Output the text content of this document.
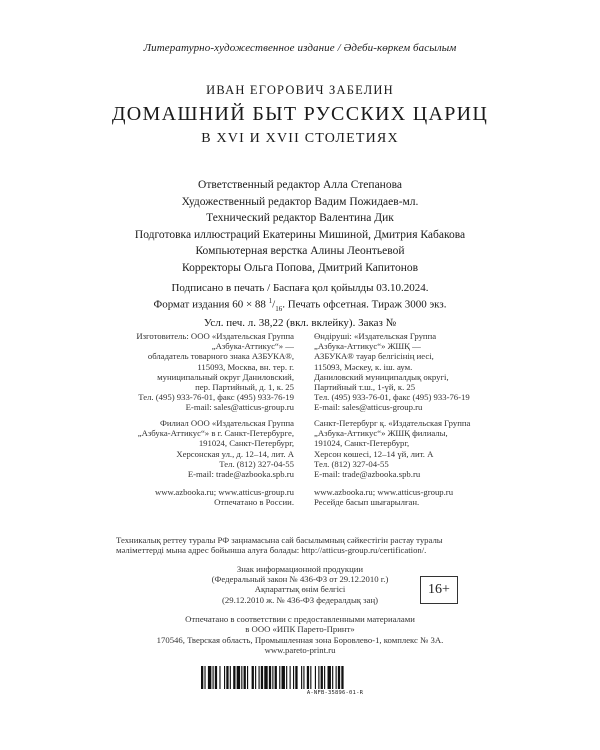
Литературно-художественное издание / Әдеби-көркем басылым
ИВАН ЕГОРОВИЧ ЗАБЕЛИН
ДОМАШНИЙ БЫТ РУССКИХ ЦАРИЦ
В XVI И XVII СТОЛЕТИЯХ
Ответственный редактор Алла Степанова
Художественный редактор Вадим Пожидаев-мл.
Технический редактор Валентина Дик
Подготовка иллюстраций Екатерины Мишиной, Дмитрия Кабакова
Компьютерная верстка Алины Леонтьевой
Корректоры Ольга Попова, Дмитрий Капитонов
Подписано в печать / Баспаға қол қойылды 03.10.2024.
Формат издания 60 × 88 $^1/_{16}$. Печать офсетная. Тираж 3000 экз.
Усл. печ. л. 38,22 (вкл. вклейку). Заказ №
Изготовитель: ООО «Издательская Группа
„Азбука-Аттикус“» —
обладатель товарного знака АЗБУКА®,
115093, Москва, вн. тер. г.
муниципальный округ Даниловский,
пер. Партийный, д. 1, к. 25
Тел. (495) 933-76-01, факс (495) 933-76-19
E-mail: sales@atticus-group.ru
Өндіруші: «Издательская Группа
„Азбука-Аттикус“» ЖШҚ —
АЗБУКА® тауар белгісінің иесі,
115093, Мәскеу, к. іш. аум.
Даниловский муниципалдық округі,
Партийный т.ш., 1-үй, к. 25
Тел. (495) 933-76-01, факс (495) 933-76-19
E-mail: sales@atticus-group.ru
Филиал ООО «Издательская Группа
„Азбука-Аттикус“» в г. Санкт-Петербурге,
191024, Санкт-Петербург,
Херсонская ул., д. 12–14, лит. А
Тел. (812) 327-04-55
E-mail: trade@azbooka.spb.ru
Санкт-Петербург қ. «Издательская Группа
„Азбука-Аттикус“» ЖШҚ филиалы,
191024, Санкт-Петербург,
Херсон көшесі, 12–14 үй, лит. А
Тел. (812) 327-04-55
E-mail: trade@azbooka.spb.ru
www.azbooka.ru; www.atticus-group.ru
Отпечатано в России.
www.azbooka.ru; www.atticus-group.ru
Ресейде басып шығарылған.
Техникалық реттеу туралы РФ заңнамасына сай басылымның сәйкестігін растау туралы
мәліметтерді мына адрес бойынша алуға болады: http://atticus-group.ru/certification/.
Знак информационной продукции
(Федеральный закон № 436-ФЗ от 29.12.2010 г.)
Ақпараттық өнім белгісі
(29.12.2010 ж. № 436-ФЗ федералдық заң)
16+
Отпечатано в соответствии с предоставленными материалами
в ООО «ИПК Парето-Принт»
170546, Тверская область, Промышленная зона Боровлево-1, комплекс № 3А.
www.pareto-print.ru
А-NFB-35896-01-R
